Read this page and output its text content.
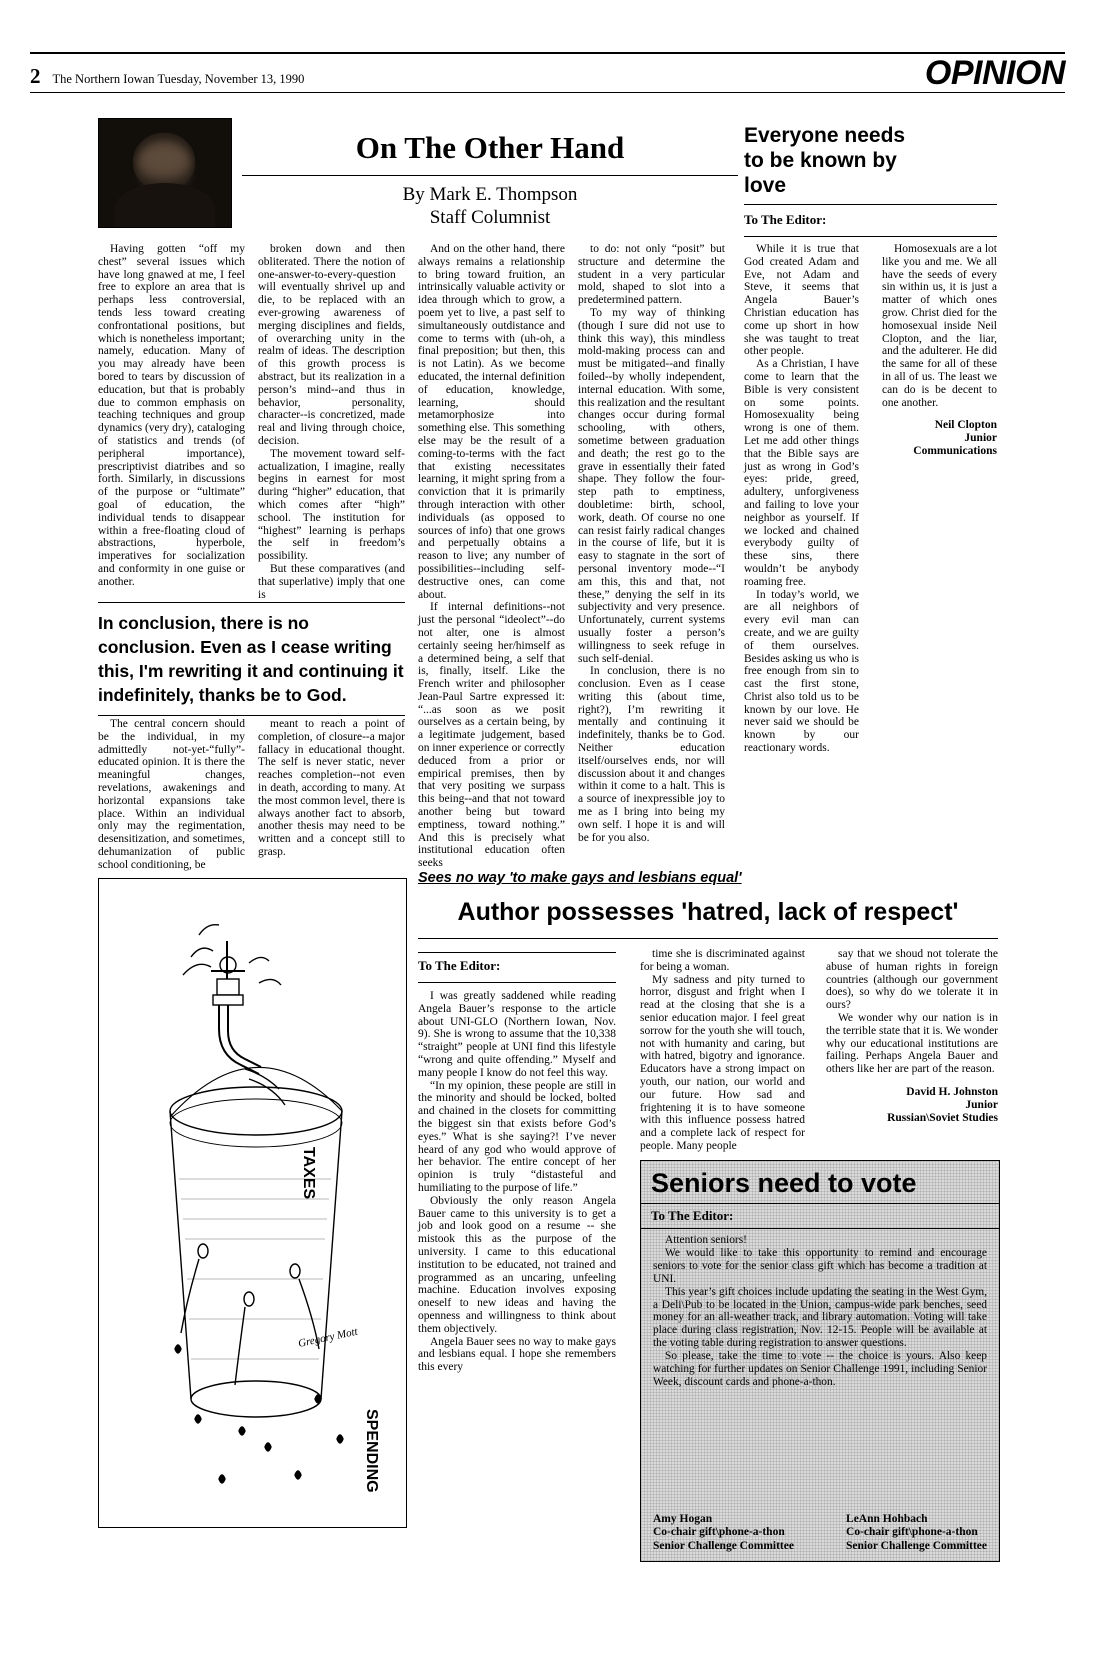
2 The Northern Iowan Tuesday, November 13, 1990	OPINION
On The Other Hand
By Mark E. Thompson
Staff Columnist

Having gotten “off my chest” several issues which have long gnawed at me, I feel free to explore an area that is perhaps less controversial, tends less toward creating confrontational positions, but which is nonetheless important; namely, education. Many of you may already have been bored to tears by discussion of education, but that is probably due to common emphasis on teaching techniques and group dynamics (very dry), cataloging of statistics and trends (of peripheral importance), prescriptivist diatribes and so forth. Similarly, in discussions of the purpose or “ultimate” goal of education, the individual tends to disappear within a free-floating cloud of abstractions, hyperbole, imperatives for socialization and conformity in one guise or another.

broken down and then obliterated. There the notion of one-answer-to-every-question will eventually shrivel up and die, to be replaced with an ever-growing awareness of merging disciplines and fields, of overarching unity in the realm of ideas. The description of this growth process is abstract, but its realization in a person’s mind--and thus in behavior, personality, character--is concretized, made real and living through choice, decision.

The movement toward self-actualization, I imagine, really begins in earnest for most during “higher” education, that which comes after “high” school. The institution for “highest” learning is perhaps the self in freedom’s possibility.

But these comparatives (and that superlative) imply that one is

And on the other hand, there always remains a relationship to bring toward fruition, an intrinsically valuable activity or idea through which to grow, a poem yet to live, a past self to simultaneously outdistance and come to terms with (uh-oh, a final preposition; but then, this is not Latin). As we become educated, the internal definition of education, knowledge, learning, should metamorphosize into something else. This something else may be the result of a coming-to-terms with the fact that existing necessitates learning, it might spring from a conviction that it is primarily through interaction with other individuals (as opposed to sources of info) that one grows and perpetually obtains a reason to live; any number of possibilities--including self-destructive ones, can come about.

If internal definitions--not just the personal “ideolect”--do not alter, one is almost certainly seeing her/himself as a determined being, a self that is, finally, itself. Like the French writer and philosopher Jean-Paul Sartre expressed it: “...as soon as we posit ourselves as a certain being, by a legitimate judgement, based on inner experience or correctly deduced from a prior or empirical premises, then by that very positing we surpass this being--and that not toward another being but toward emptiness, toward nothing.” And this is precisely what institutional education often seeks

to do: not only “posit” but structure and determine the student in a very particular mold, shaped to slot into a predetermined pattern.

To my way of thinking (though I sure did not use to think this way), this mindless mold-making process can and must be mitigated--and finally foiled--by wholly independent, internal education. With some, this realization and the resultant changes occur during formal schooling, with others, sometime between graduation and death; the rest go to the grave in essentially their fated shape. They follow the four-step path to emptiness, doubletime: birth, school, work, death. Of course no one can resist fairly radical changes in the course of life, but it is easy to stagnate in the sort of personal inventory mode--“I am this, this and that, not these,” denying the self in its subjectivity and very presence. Unfortunately, current systems usually foster a person’s willingness to seek refuge in such self-denial.

In conclusion, there is no conclusion. Even as I cease writing this (about time, right?), I’m rewriting it mentally and continuing it indefinitely, thanks be to God. Neither education itself/ourselves ends, nor will discussion about it and changes within it come to a halt. This is a source of inexpressible joy to me as I bring into being my own self. I hope it is and will be for you also.

In conclusion, there is no conclusion. Even as I cease writing this, I'm rewriting it and continuing it indefinitely, thanks be to God.

The central concern should be the individual, in my admittedly not-yet-“fully”-educated opinion. It is there the meaningful changes, revelations, awakenings and horizontal expansions take place. Within an individual only may the regimentation, desensitization, and sometimes, dehumanization of public school conditioning, be

meant to reach a point of completion, of closure--a major fallacy in educational thought. The self is never static, never reaches completion--not even in death, according to many. At the most common level, there is always another fact to absorb, another thesis may need to be written and a concept still to grasp.

Everyone needs to be known by love
To The Editor:

While it is true that God created Adam and Eve, not Adam and Steve, it seems that Angela Bauer’s Christian education has come up short in how she was taught to treat other people.

As a Christian, I have come to learn that the Bible is very consistent on some points. Homosexuality being wrong is one of them. Let me add other things that the Bible says are just as wrong in God’s eyes: pride, greed, adultery, unforgiveness and failing to love your neighbor as yourself. If we locked and chained everybody guilty of these sins, there wouldn’t be anybody roaming free.

In today’s world, we are all neighbors of every evil man can create, and we are guilty of them ourselves. Besides asking us who is free enough from sin to cast the first stone, Christ also told us to be known by our love. He never said we should be known by our reactionary words.

Homosexuals are a lot like you and me. We all have the seeds of every sin within us, it is just a matter of which ones grow. Christ died for the homosexual inside Neil Clopton, and the liar, and the adulterer. He did the same for all of these in all of us. The least we can do is be decent to one another.

Neil Clopton

Junior

Communications

TAXES
SPENDING
Gregory Mott
Sees no way 'to make gays and lesbians equal'
Author possesses 'hatred, lack of respect'
To The Editor:

I was greatly saddened while reading Angela Bauer’s response to the article about UNI-GLO (Northern Iowan, Nov. 9). She is wrong to assume that the 10,338 “straight” people at UNI find this lifestyle “wrong and quite offending.” Myself and many people I know do not feel this way.

“In my opinion, these people are still in the minority and should be locked, bolted and chained in the closets for committing the biggest sin that exists before God’s eyes.” What is she saying?! I’ve never heard of any god who would approve of her behavior. The entire concept of her opinion is truly “distasteful and humiliating to the purpose of life.”

Obviously the only reason Angela Bauer came to this university is to get a job and look good on a resume -- she mistook this as the purpose of the university. I came to this educational institution to be educated, not trained and programmed as an uncaring, unfeeling machine. Education involves exposing oneself to new ideas and having the openness and willingness to think about them objectively.

Angela Bauer sees no way to make gays and lesbians equal. I hope she remembers this every

time she is discriminated against for being a woman.

My sadness and pity turned to horror, disgust and fright when I read at the closing that she is a senior education major. I feel great sorrow for the youth she will touch, not with humanity and caring, but with hatred, bigotry and ignorance. Educators have a strong impact on youth, our nation, our world and our future. How sad and frightening it is to have someone with this influence possess hatred and a complete lack of respect for people. Many people

say that we shoud not tolerate the abuse of human rights in foreign countries (although our government does), so why do we tolerate it in ours?

We wonder why our nation is in the terrible state that it is. We wonder why our educational institutions are failing. Perhaps Angela Bauer and others like her are part of the reason.

David H. Johnston

Junior

Russian\Soviet Studies

Seniors need to vote
To The Editor:

Attention seniors!

We would like to take this opportunity to remind and encourage seniors to vote for the senior class gift which has become a tradition at UNI.

This year’s gift choices include updating the seating in the West Gym, a Deli\Pub to be located in the Union, campus-wide park benches, seed money for an all-weather track, and library automation. Voting will take place during class registration, Nov. 12-15. People will be available at the voting table during registration to answer questions.

So please, take the time to vote -- the choice is yours. Also keep watching for further updates on Senior Challenge 1991, including Senior Week, discount cards and phone-a-thon.

Amy Hogan

Co-chair gift\phone-a-thon

Senior Challenge Committee

LeAnn Hohbach

Co-chair gift\phone-a-thon

Senior Challenge Committee
